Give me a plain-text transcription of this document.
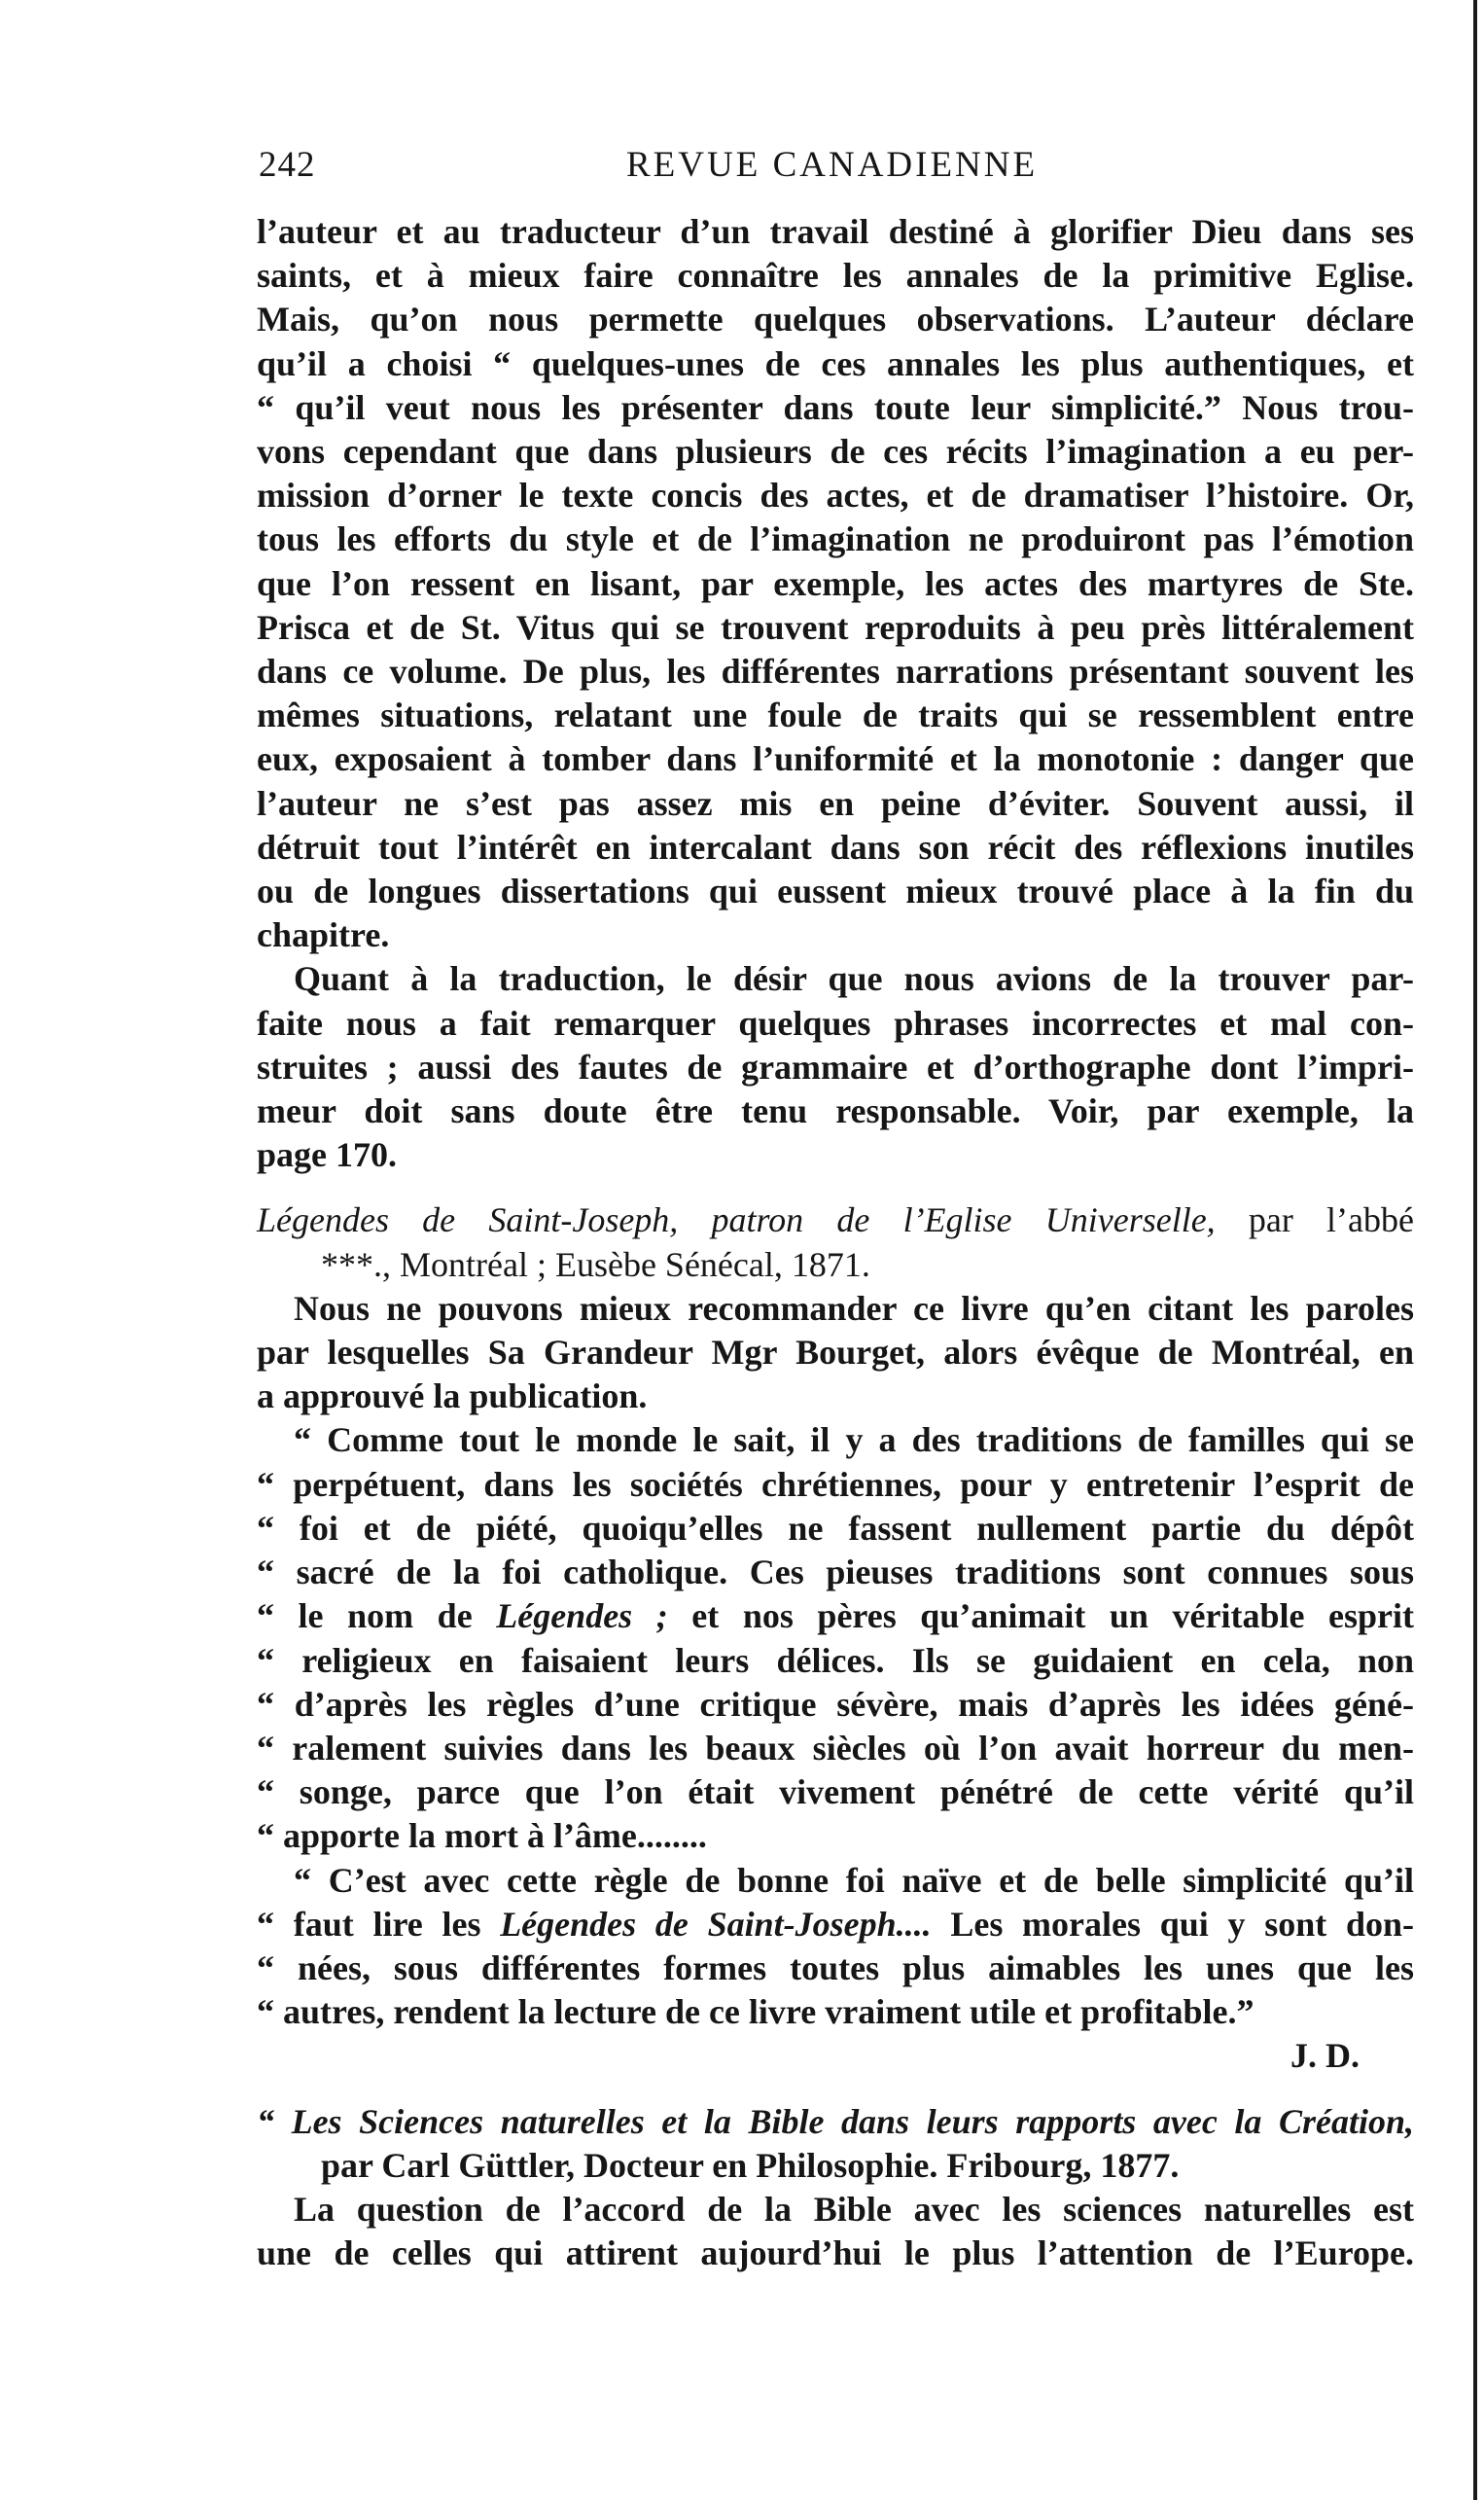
242	REVUE CANADIENNE
l’auteur et au traducteur d’un travail destiné à glorifier Dieu dans ses
saints, et à mieux faire connaître les annales de la primitive Eglise.
Mais, qu’on nous permette quelques observations. L’auteur déclare
qu’il a choisi “ quelques-unes de ces annales les plus authentiques, et
“ qu’il veut nous les présenter dans toute leur simplicité.” Nous trou-
vons cependant que dans plusieurs de ces récits l’imagination a eu per-
mission d’orner le texte concis des actes, et de dramatiser l’histoire. Or,
tous les efforts du style et de l’imagination ne produiront pas l’émotion
que l’on ressent en lisant, par exemple, les actes des martyres de Ste.
Prisca et de St. Vitus qui se trouvent reproduits à peu près littéralement
dans ce volume. De plus, les différentes narrations présentant souvent les
mêmes situations, relatant une foule de traits qui se ressemblent entre
eux, exposaient à tomber dans l’uniformité et la monotonie : danger que
l’auteur ne s’est pas assez mis en peine d’éviter. Souvent aussi, il
détruit tout l’intérêt en intercalant dans son récit des réflexions inutiles
ou de longues dissertations qui eussent mieux trouvé place à la fin du
chapitre.
Quant à la traduction, le désir que nous avions de la trouver par-
faite nous a fait remarquer quelques phrases incorrectes et mal con-
struites ; aussi des fautes de grammaire et d’orthographe dont l’impri-
meur doit sans doute être tenu responsable. Voir, par exemple, la
page 170.
Légendes de Saint-Joseph, patron de l’Eglise Universelle, par l’abbé
***., Montréal ; Eusèbe Sénécal, 1871.
Nous ne pouvons mieux recommander ce livre qu’en citant les paroles
par lesquelles Sa Grandeur Mgr Bourget, alors évêque de Montréal, en
a approuvé la publication.
“ Comme tout le monde le sait, il y a des traditions de familles qui se
“ perpétuent, dans les sociétés chrétiennes, pour y entretenir l’esprit de
“ foi et de piété, quoiqu’elles ne fassent nullement partie du dépôt
“ sacré de la foi catholique. Ces pieuses traditions sont connues sous
“ le nom de Légendes ; et nos pères qu’animait un véritable esprit
“ religieux en faisaient leurs délices. Ils se guidaient en cela, non
“ d’après les règles d’une critique sévère, mais d’après les idées géné-
“ ralement suivies dans les beaux siècles où l’on avait horreur du men-
“ songe, parce que l’on était vivement pénétré de cette vérité qu’il
“ apporte la mort à l’âme........
“ C’est avec cette règle de bonne foi naïve et de belle simplicité qu’il
“ faut lire les Légendes de Saint-Joseph.... Les morales qui y sont don-
“ nées, sous différentes formes toutes plus aimables les unes que les
“ autres, rendent la lecture de ce livre vraiment utile et profitable.”
J. D.
“ Les Sciences naturelles et la Bible dans leurs rapports avec la Création,
par Carl Güttler, Docteur en Philosophie. Fribourg, 1877.
La question de l’accord de la Bible avec les sciences naturelles est
une de celles qui attirent aujourd’hui le plus l’attention de l’Europe.
